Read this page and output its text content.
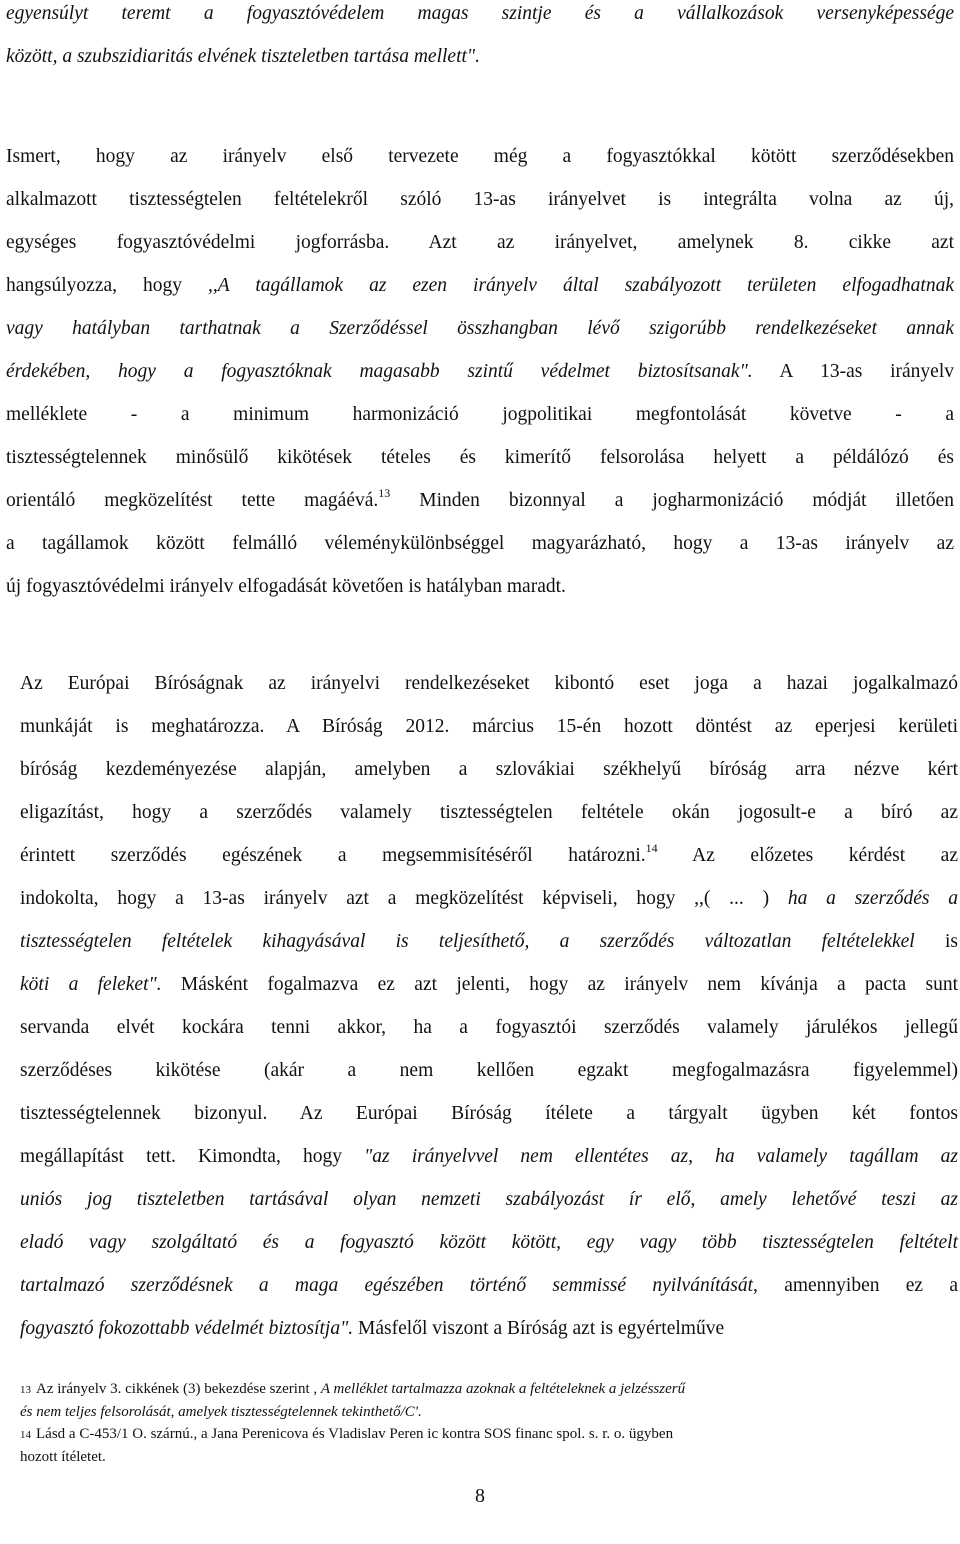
egyensúlyt teremt a fogyasztóvédelem magas szintje és a vállalkozások versenyképessége
között, a szubszidiaritás elvének tiszteletben tartása mellett".
Ismert, hogy az irányelv első tervezete még a fogyasztókkal kötött szerződésekben
alkalmazott tisztességtelen feltételekről szóló 13-as irányelvet is integrálta volna az új,
egységes fogyasztóvédelmi jogforrásba. Azt az irányelvet, amelynek 8. cikke azt
hangsúlyozza, hogy ,,A tagállamok az ezen irányelv által szabályozott területen elfogadhatnak
vagy hatályban tarthatnak a Szerződéssel összhangban lévő szigorúbb rendelkezéseket annak
érdekében, hogy a fogyasztóknak magasabb szintű védelmet biztosítsanak". A 13-as irányelv
melléklete - a minimum harmonizáció jogpolitikai megfontolását követve - a
tisztességtelennek minősülő kikötések tételes és kimerítő felsorolása helyett a példálózó és
orientáló megközelítést tette magáévá.$^{13}$ Minden bizonnyal a jogharmonizáció módját illetően
a tagállamok között felmálló véleménykülönbséggel magyarázható, hogy a 13-as irányelv az
új fogyasztóvédelmi irányelv elfogadását követően is hatályban maradt.
Az Európai Bíróságnak az irányelvi rendelkezéseket kibontó eset joga a hazai jogalkalmazó
munkáját is meghatározza. A Bíróság 2012. március 15-én hozott döntést az eperjesi kerületi
bíróság kezdeményezése alapján, amelyben a szlovákiai székhelyű bíróság arra nézve kért
eligazítást, hogy a szerződés valamely tisztességtelen feltétele okán jogosult-e a bíró az
érintett szerződés egészének a megsemmisítéséről határozni.$^{14}$ Az előzetes kérdést az
indokolta, hogy a 13-as irányelv azt a megközelítést képviseli, hogy ,,( ... ) ha a szerződés a
tisztességtelen feltételek kihagyásával is teljesíthető, a szerződés változatlan feltételekkel is
köti a feleket". Másként fogalmazva ez azt jelenti, hogy az irányelv nem kívánja a pacta sunt
servanda elvét kockára tenni akkor, ha a fogyasztói szerződés valamely járulékos jellegű
szerződéses kikötése (akár a nem kellően egzakt megfogalmazásra figyelemmel)
tisztességtelennek bizonyul. Az Európai Bíróság ítélete a tárgyalt ügyben két fontos
megállapítást tett. Kimondta, hogy "az irányelvvel nem ellentétes az, ha valamely tagállam az
uniós jog tiszteletben tartásával olyan nemzeti szabályozást ír elő, amely lehetővé teszi az
eladó vagy szolgáltató és a fogyasztó között kötött, egy vagy több tisztességtelen feltételt
tartalmazó szerződésnek a maga egészében történő semmissé nyilvánítását, amennyiben ez a
fogyasztó fokozottabb védelmét biztosítja". Másfelől viszont a Bíróság azt is egyértelműve
13 Az irányelv 3. cikkének (3) bekezdése szerint , A melléklet tartalmazza azoknak a feltételeknek a jelzésszerű
és nem teljes felsorolását, amelyek tisztességtelennek tekinthető/C'.
14 Lásd a C-453/1 O. szárnú., a Jana Perenicova és Vladislav Peren ic kontra SOS financ spol. s. r. o. ügyben
hozott ítéletet.
8
